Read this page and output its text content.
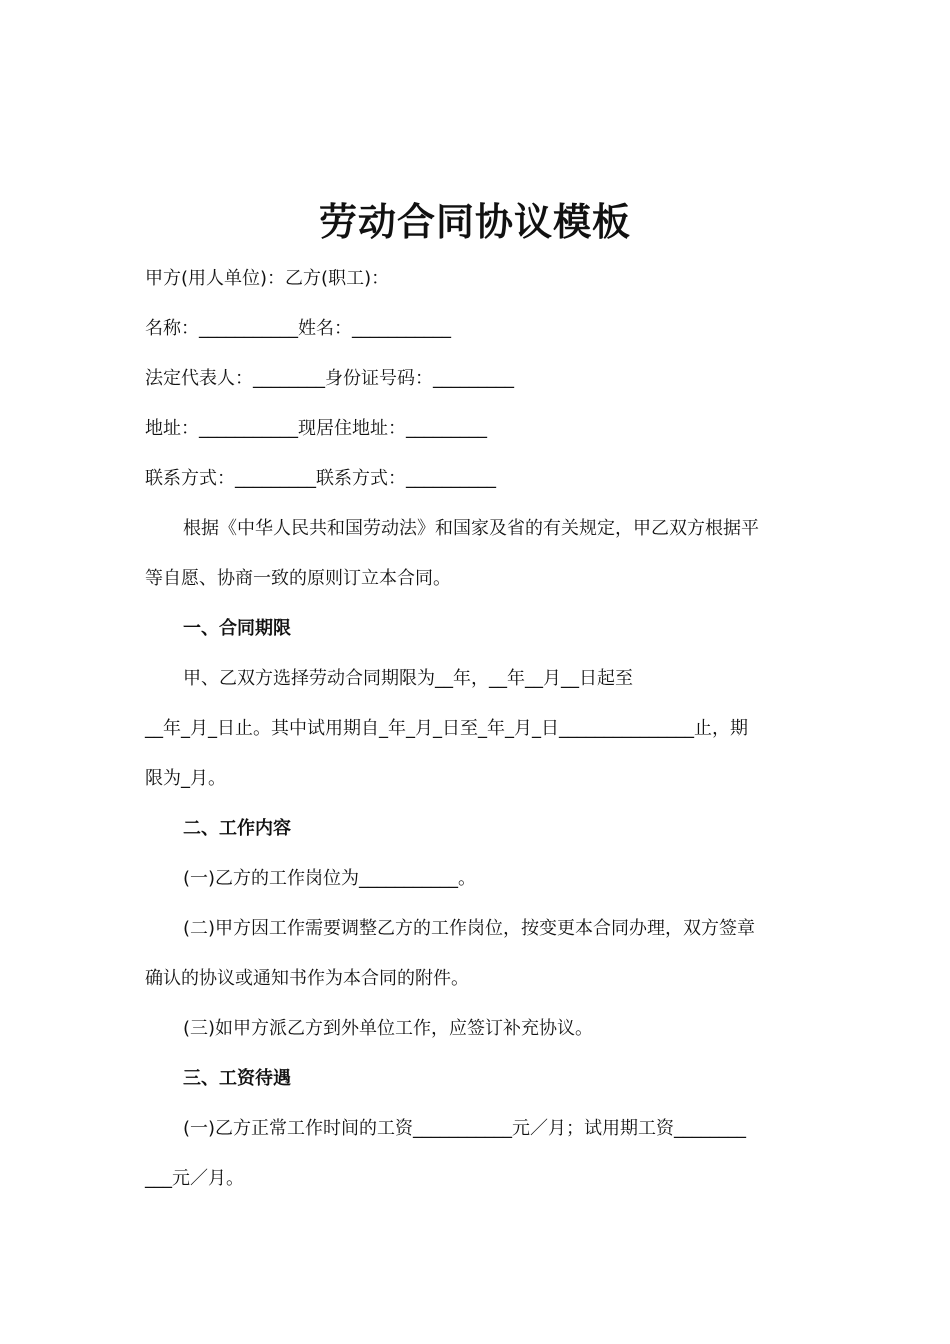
劳动合同协议模板
甲方(用人单位)：乙方(职工)：
名称：___________姓名：___________
法定代表人：________身份证号码：_________
地址：___________现居住地址：_________
联系方式：_________联系方式：__________
根据《中华人民共和国劳动法》和国家及省的有关规定，甲乙双方根据平
等自愿、协商一致的原则订立本合同。
一、合同期限
甲、乙双方选择劳动合同期限为__年，__年__月__日起至
__年_月_日止。其中试用期自_年_月_日至_年_月_日_______________止，期
限为_月。
二、工作内容
(一)乙方的工作岗位为___________。
(二)甲方因工作需要调整乙方的工作岗位，按变更本合同办理，双方签章
确认的协议或通知书作为本合同的附件。
(三)如甲方派乙方到外单位工作，应签订补充协议。
三、工资待遇
(一)乙方正常工作时间的工资___________元／月；试用期工资________
___元／月。
